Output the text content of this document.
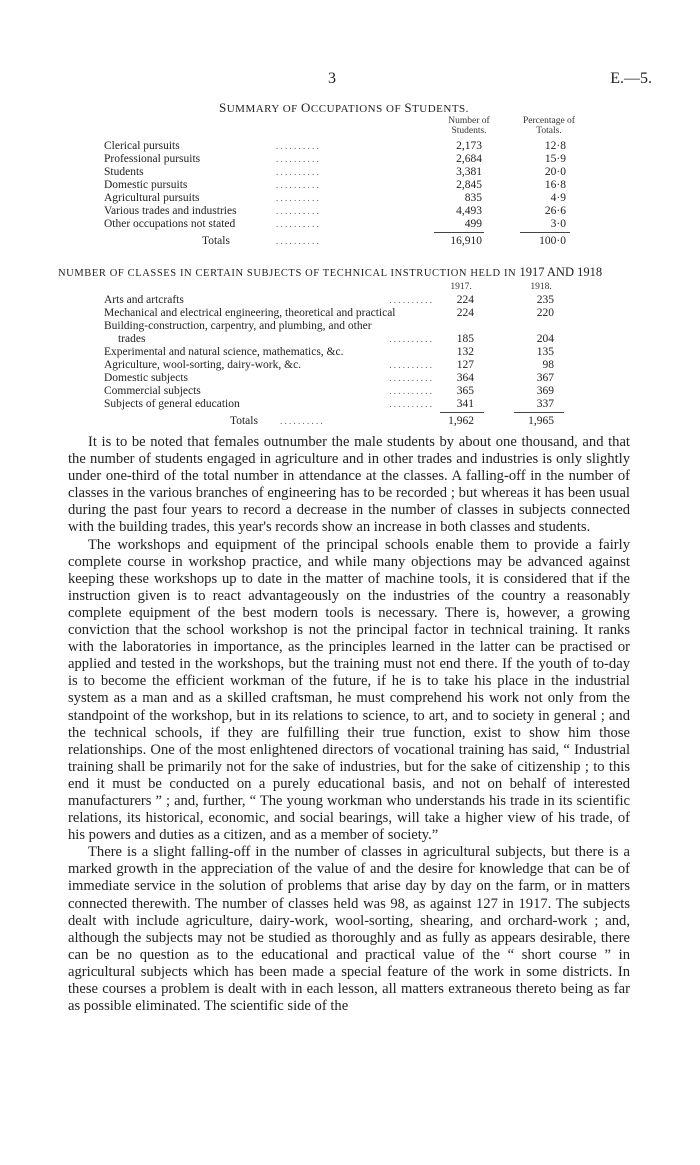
3	E.—5.
SUMMARY OF OCCUPATIONS OF STUDENTS.
Number of
Students.
Percentage of
Totals.
Clerical pursuits	. . . . . . . . . .	2,173	12·8
Professional pursuits	. . . . . . . . . .	2,684	15·9
Students	. . . . . . . . . .	3,381	20·0
Domestic pursuits	. . . . . . . . . .	2,845	16·8
Agricultural pursuits	. . . . . . . . . .	835	4·9
Various trades and industries	. . . . . . . . . .	4,493	26·6
Other occupations not stated	. . . . . . . . . .	499	3·0
Totals	. . . . . . . . . .	16,910	100·0
NUMBER OF CLASSES IN CERTAIN SUBJECTS OF TECHNICAL INSTRUCTION HELD IN 1917 AND 1918
1917.	1918.
Arts and artcrafts	. . . . . . . . . .	224	235
Mechanical and electrical engineering, theoretical and practical	224	220
Building-construction, carpentry, and plumbing, and other
trades	. . . . . . . . . .	185	204
Experimental and natural science, mathematics, &c.	132	135
Agriculture, wool-sorting, dairy-work, &c.	. . . . . . . . . .	127	98
Domestic subjects	. . . . . . . . . .	364	367
Commercial subjects	. . . . . . . . . .	365	369
Subjects of general education	. . . . . . . . . .	341	337
Totals . . . . . . . . . .	1,962	1,965

It is to be noted that females outnumber the male students by about one thousand, and that the number of students engaged in agriculture and in other trades and industries is only slightly under one-third of the total number in attendance at the classes. A falling-off in the number of classes in the various branches of engineering has to be recorded ; but whereas it has been usual during the past four years to record a decrease in the number of classes in subjects connected with the building trades, this year's records show an increase in both classes and students.

The workshops and equipment of the principal schools enable them to provide a fairly complete course in workshop practice, and while many objections may be advanced against keeping these workshops up to date in the matter of machine tools, it is considered that if the instruction given is to react advantageously on the industries of the country a reasonably complete equipment of the best modern tools is necessary. There is, however, a growing conviction that the school workshop is not the principal factor in technical training. It ranks with the laboratories in importance, as the principles learned in the latter can be practised or applied and tested in the workshops, but the training must not end there. If the youth of to-day is to become the efficient workman of the future, if he is to take his place in the industrial system as a man and as a skilled craftsman, he must comprehend his work not only from the standpoint of the workshop, but in its relations to science, to art, and to society in general ; and the technical schools, if they are fulfilling their true function, exist to show him those relationships. One of the most enlightened directors of vocational training has said, “ Industrial training shall be primarily not for the sake of industries, but for the sake of citizenship ; to this end it must be conducted on a purely educational basis, and not on behalf of interested manufacturers ” ; and, further, “ The young workman who understands his trade in its scientific relations, its historical, economic, and social bearings, will take a higher view of his trade, of his powers and duties as a citizen, and as a member of society.”

There is a slight falling-off in the number of classes in agricultural subjects, but there is a marked growth in the appreciation of the value of and the desire for knowledge that can be of immediate service in the solution of problems that arise day by day on the farm, or in matters connected therewith. The number of classes held was 98, as against 127 in 1917. The subjects dealt with include agriculture, dairy-work, wool-sorting, shearing, and orchard-work ; and, although the subjects may not be studied as thoroughly and as fully as appears desirable, there can be no question as to the educational and practical value of the “ short course ” in agricultural subjects which has been made a special feature of the work in some districts. In these courses a problem is dealt with in each lesson, all matters extraneous thereto being as far as possible eliminated. The scientific side of the
